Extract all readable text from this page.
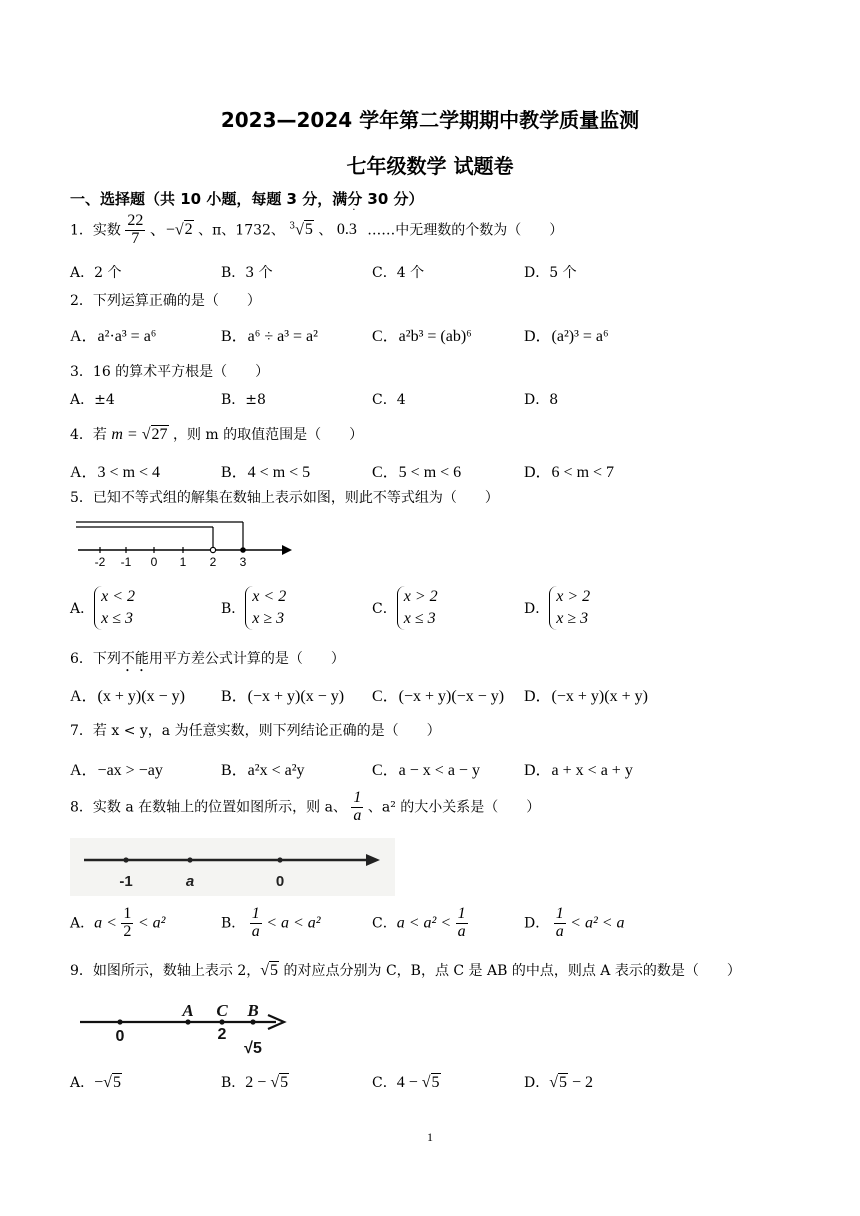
2023—2024 学年第二学期期中教学质量监测
七年级数学 试题卷
一、选择题（共 10 小题，每题 3 分，满分 30 分）
1．实数 $\frac{22}{7}$ 、−√2 、π、1732、 $^3$√5 、 0.3˙ ……中无理数的个数为（　　）
A．2 个	B．3 个	C．4 个	D．5 个
2．下列运算正确的是（　　）
A．a²·a³ = a⁶	B．a⁶ ÷ a³ = a²	C．a²b³ = (ab)⁶	D．(a²)³ = a⁶
3．16 的算术平方根是（　　）
A．±4	B．±8	C．4	D．8
4．若 m = √27 ，则 m 的取值范围是（　　）
A．3 < m < 4	B．4 < m < 5	C．5 < m < 6	D．6 < m < 7
5．已知不等式组的解集在数轴上表示如图，则此不等式组为（　　）
-2 -1 0 1 2 3
A．x < 2
x ≤ 3
B．x < 2
x ≥ 3
C．x > 2
x ≤ 3
D．x > 2
x ≥ 3
6．下列不能用平方差公式计算的是（　　）
A．(x + y)(x − y) B．(−x + y)(x − y) C．(−x + y)(−x − y) D．(−x + y)(x + y)
7．若 x < y，a 为任意实数，则下列结论正确的是（　　）
A．−ax > −ay	B．a²x < a²y	C．a − x < a − y	D．a + x < a + y
8．实数 a 在数轴上的位置如图所示，则 a、 $\frac{1}{a}$ 、a² 的大小关系是（　　）
-1	a	0
A．$a < \frac{1}{2} < a^2$	B． $\frac{1}{a} < a < a^2$	C．$a < a^2 < \frac{1}{a}$	D． $\frac{1}{a} < a^2 < a$
9．如图所示，数轴上表示 2，√5 的对应点分别为 C，B，点 C 是 AB 的中点，则点 A 表示的数是（　　）
A C B
0	2
√5
A．−√5	B．2 − √5	C．4 − √5	D．√5 − 2
1
